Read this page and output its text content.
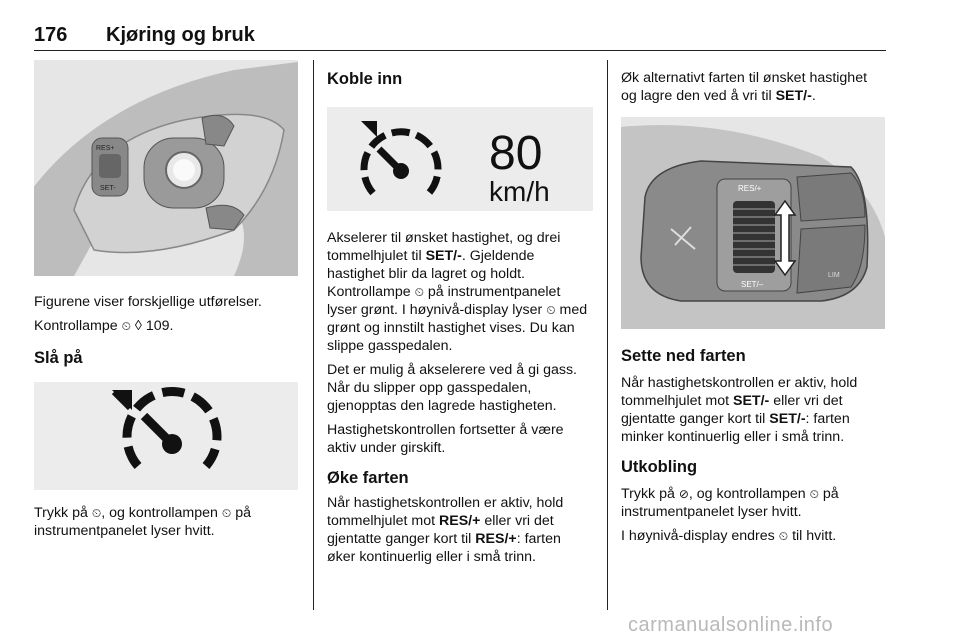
176 Kjøring og bruk
RES+
SET-

Figurene viser forskjellige utførelser.

Kontrollampe ⏲ ◊ 109.

Slå på

Trykk på ⏲, og kontrollampen ⏲ på instrumentpanelet lyser hvitt.

Koble inn
80
km/h

Akselerer til ønsket hastighet, og drei tommelhjulet til SET/-. Gjeldende hastighet blir da lagret og holdt. Kontrollampe ⏲ på instrumentpanelet lyser grønt. I høynivå-display lyser ⏲ med grønt og innstilt hastighet vises. Du kan slippe gasspedalen.

Det er mulig å akselerere ved å gi gass. Når du slipper opp gasspedalen, gjenopptas den lagrede hastigheten.

Hastighetskontrollen fortsetter å være aktiv under girskift.

Øke farten

Når hastighetskontrollen er aktiv, hold tommelhjulet mot RES/+ eller vri det gjentatte ganger kort til RES/+: farten øker kontinuerlig eller i små trinn.

Øk alternativt farten til ønsket hastighet og lagre den ved å vri til SET/-.

RES/+
SET/–
LIM
Sette ned farten

Når hastighetskontrollen er aktiv, hold tommelhjulet mot SET/- eller vri det gjentatte ganger kort til SET/-: farten minker kontinuerlig eller i små trinn.

Utkobling

Trykk på ⊘, og kontrollampen ⏲ på instrumentpanelet lyser hvitt.

I høynivå-display endres ⏲ til hvitt.

carmanualsonline.info
